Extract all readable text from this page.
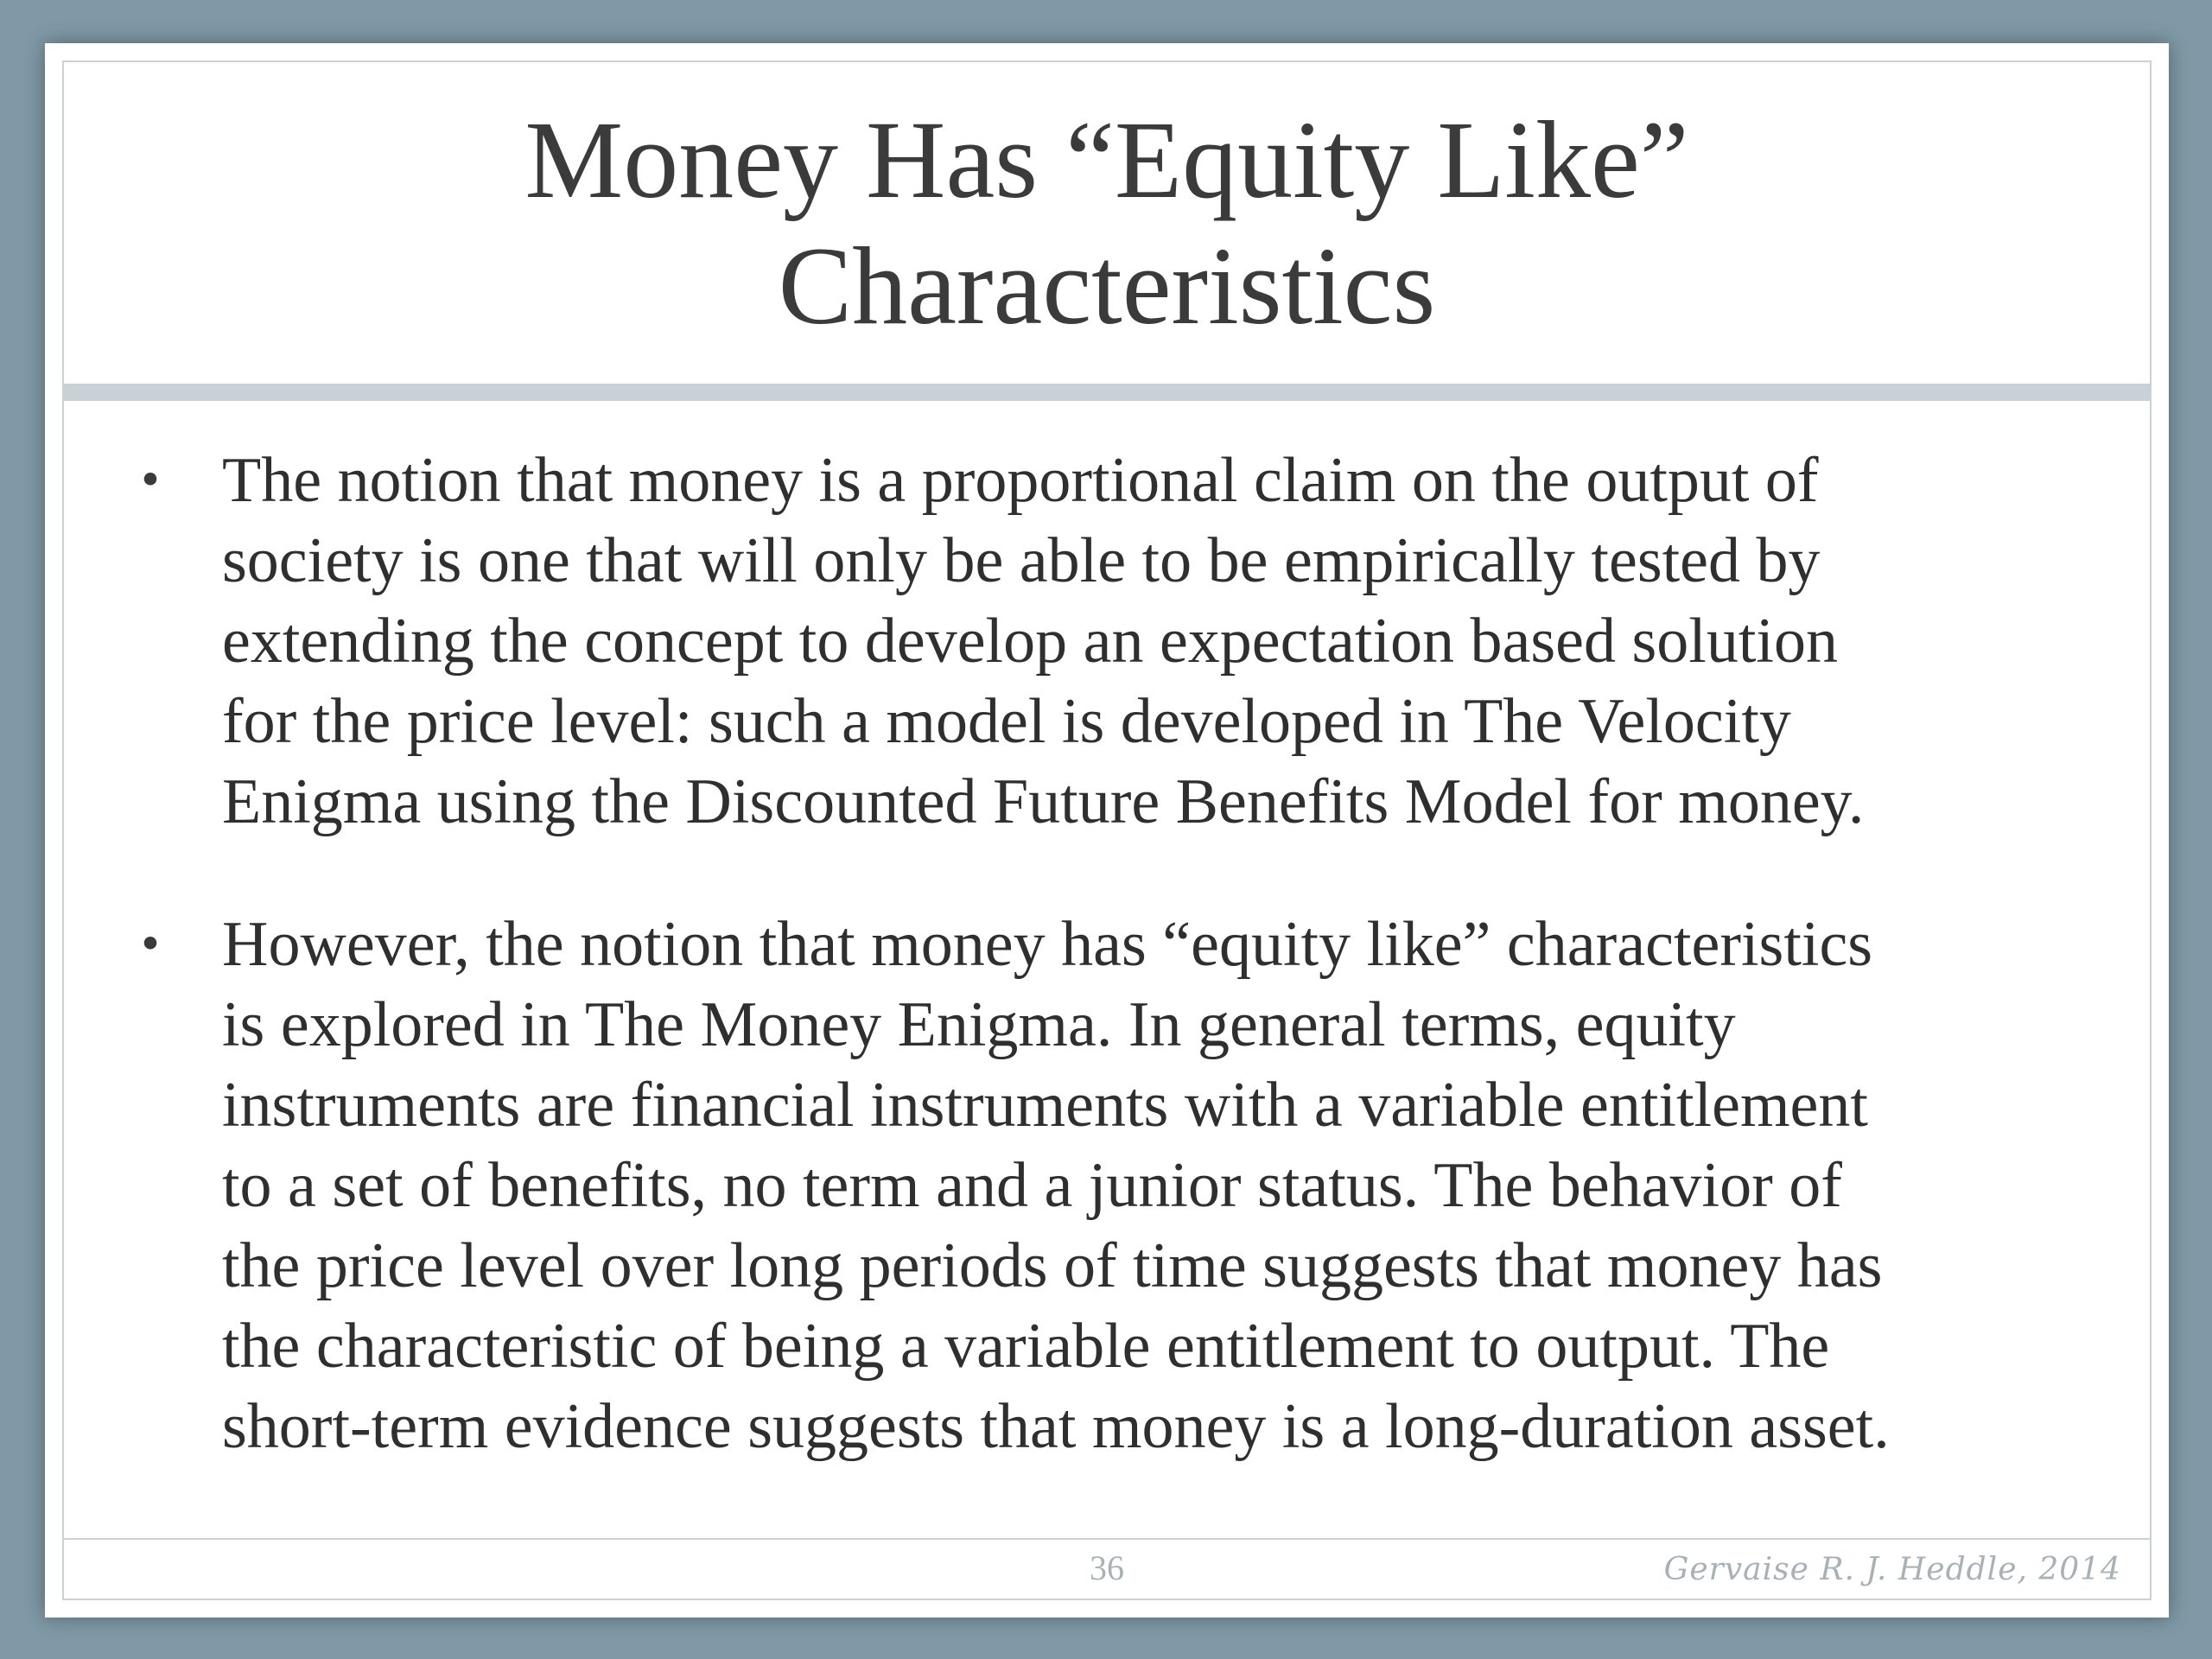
Money Has “Equity Like”
Characteristics
• The notion that money is a proportional claim on the output of
society is one that will only be able to be empirically tested by
extending the concept to develop an expectation based solution
for the price level: such a model is developed in The Velocity
Enigma using the Discounted Future Benefits Model for money.
• However, the notion that money has “equity like” characteristics
is explored in The Money Enigma. In general terms, equity
instruments are financial instruments with a variable entitlement
to a set of benefits, no term and a junior status. The behavior of
the price level over long periods of time suggests that money has
the characteristic of being a variable entitlement to output. The
short-term evidence suggests that money is a long-duration asset.
36	Gervaise R. J. Heddle, 2014
